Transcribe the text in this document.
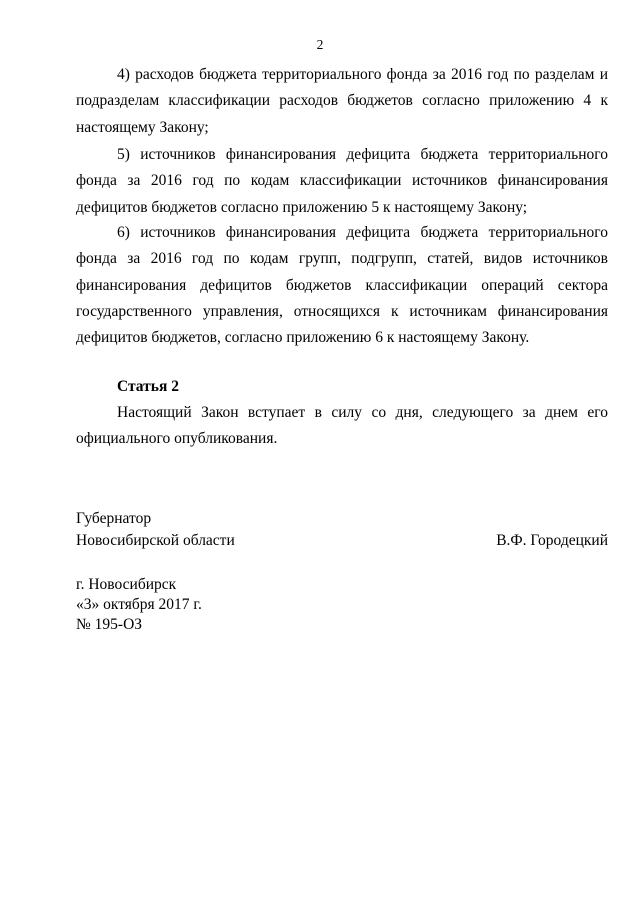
2

4) расходов бюджета территориального фонда за 2016 год по разделам и подразделам классификации расходов бюджетов согласно приложению 4 к настоящему Закону;

5) источников финансирования дефицита бюджета территориального фонда за 2016 год по кодам классификации источников финансирования дефицитов бюджетов согласно приложению 5 к настоящему Закону;

6) источников финансирования дефицита бюджета территориального фонда за 2016 год по кодам групп, подгрупп, статей, видов источников финансирования дефицитов бюджетов классификации операций сектора государственного управления, относящихся к источникам финансирования дефицитов бюджетов, согласно приложению 6 к настоящему Закону.

Статья 2

Настоящий Закон вступает в силу со дня, следующего за днем его официального опубликования.

Губернатор
Новосибирской области	В.Ф. Городецкий
г. Новосибирск
«3» октября 2017 г.
№ 195-ОЗ
